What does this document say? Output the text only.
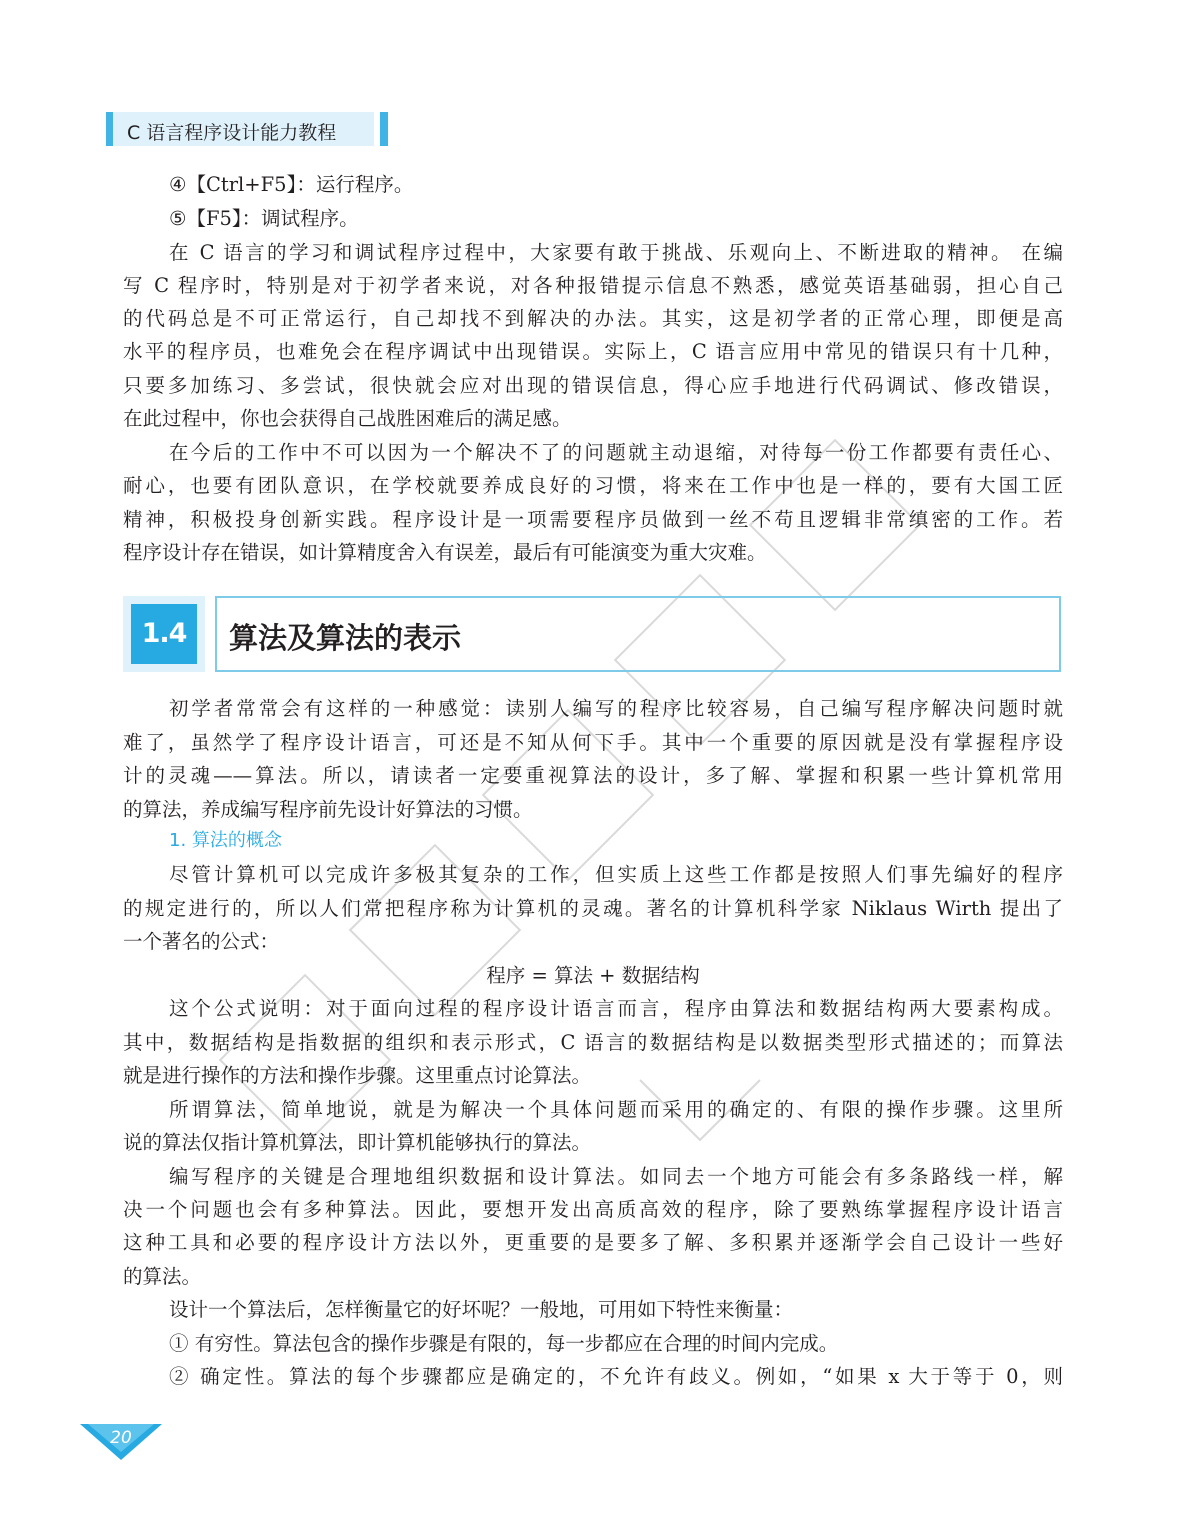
C 语言程序设计能力教程
④【Ctrl+F5】：运行程序。
⑤【F5】：调试程序。
在 C 语言的学习和调试程序过程中，大家要有敢于挑战、乐观向上、不断进取的精神。 在编
写 C 程序时，特别是对于初学者来说，对各种报错提示信息不熟悉，感觉英语基础弱，担心自己
的代码总是不可正常运行，自己却找不到解决的办法。其实，这是初学者的正常心理，即便是高
水平的程序员，也难免会在程序调试中出现错误。实际上，C 语言应用中常见的错误只有十几种，
只要多加练习、多尝试，很快就会应对出现的错误信息，得心应手地进行代码调试、修改错误，
在此过程中，你也会获得自己战胜困难后的满足感。
在今后的工作中不可以因为一个解决不了的问题就主动退缩，对待每一份工作都要有责任心、
耐心，也要有团队意识，在学校就要养成良好的习惯，将来在工作中也是一样的，要有大国工匠
精神，积极投身创新实践。程序设计是一项需要程序员做到一丝不苟且逻辑非常缜密的工作。若
程序设计存在错误，如计算精度舍入有误差，最后有可能演变为重大灾难。
1.4	算法及算法的表示
初学者常常会有这样的一种感觉：读别人编写的程序比较容易，自己编写程序解决问题时就
难了，虽然学了程序设计语言，可还是不知从何下手。其中一个重要的原因就是没有掌握程序设
计的灵魂——算法。所以，请读者一定要重视算法的设计，多了解、掌握和积累一些计算机常用
的算法，养成编写程序前先设计好算法的习惯。
1. 算法的概念
尽管计算机可以完成许多极其复杂的工作，但实质上这些工作都是按照人们事先编好的程序
的规定进行的，所以人们常把程序称为计算机的灵魂。著名的计算机科学家 Niklaus Wirth 提出了
一个著名的公式：
程序 = 算法 + 数据结构
这个公式说明：对于面向过程的程序设计语言而言，程序由算法和数据结构两大要素构成。
其中，数据结构是指数据的组织和表示形式，C 语言的数据结构是以数据类型形式描述的；而算法
就是进行操作的方法和操作步骤。这里重点讨论算法。
所谓算法，简单地说，就是为解决一个具体问题而采用的确定的、有限的操作步骤。这里所
说的算法仅指计算机算法，即计算机能够执行的算法。
编写程序的关键是合理地组织数据和设计算法。如同去一个地方可能会有多条路线一样，解
决一个问题也会有多种算法。因此，要想开发出高质高效的程序，除了要熟练掌握程序设计语言
这种工具和必要的程序设计方法以外，更重要的是要多了解、多积累并逐渐学会自己设计一些好
的算法。
设计一个算法后，怎样衡量它的好坏呢？一般地，可用如下特性来衡量：
① 有穷性。算法包含的操作步骤是有限的，每一步都应在合理的时间内完成。
② 确定性。算法的每个步骤都应是确定的，不允许有歧义。例如，“如果 x 大于等于 0，则
20
